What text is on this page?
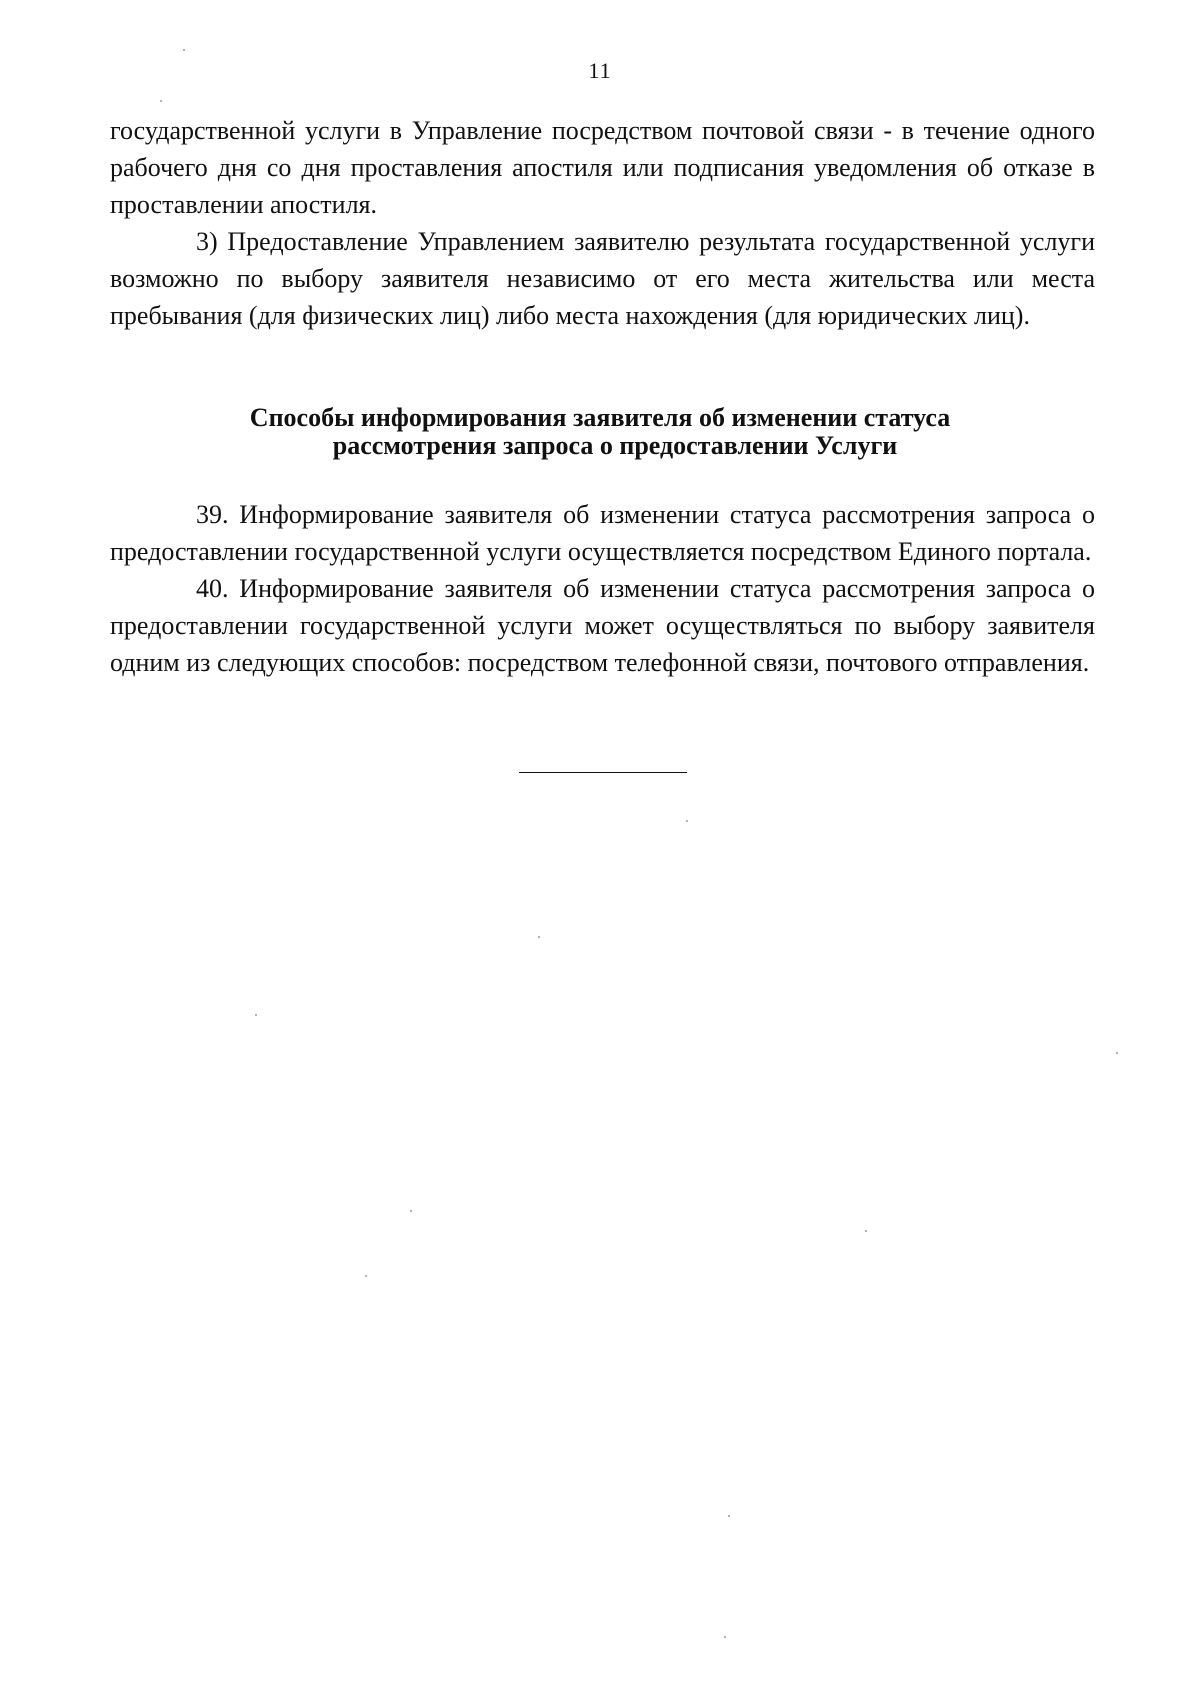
11

государственной услуги в Управление посредством почтовой связи - в течение одного рабочего дня со дня проставления апостиля или подписания уведомления об отказе в проставлении апостиля.

3) Предоставление Управлением заявителю результата государственной услуги возможно по выбору заявителя независимо от его места жительства или места пребывания (для физических лиц) либо места нахождения (для юридических лиц).

Способы информирования заявителя об изменении статуса
рассмотрения запроса о предоставлении Услуги

39. Информирование заявителя об изменении статуса рассмотрения запроса о предоставлении государственной услуги осуществляется посредством Единого портала.

40. Информирование заявителя об изменении статуса рассмотрения запроса о предоставлении государственной услуги может осуществляться по выбору заявителя одним из следующих способов: посредством телефонной связи, почтового отправления.
